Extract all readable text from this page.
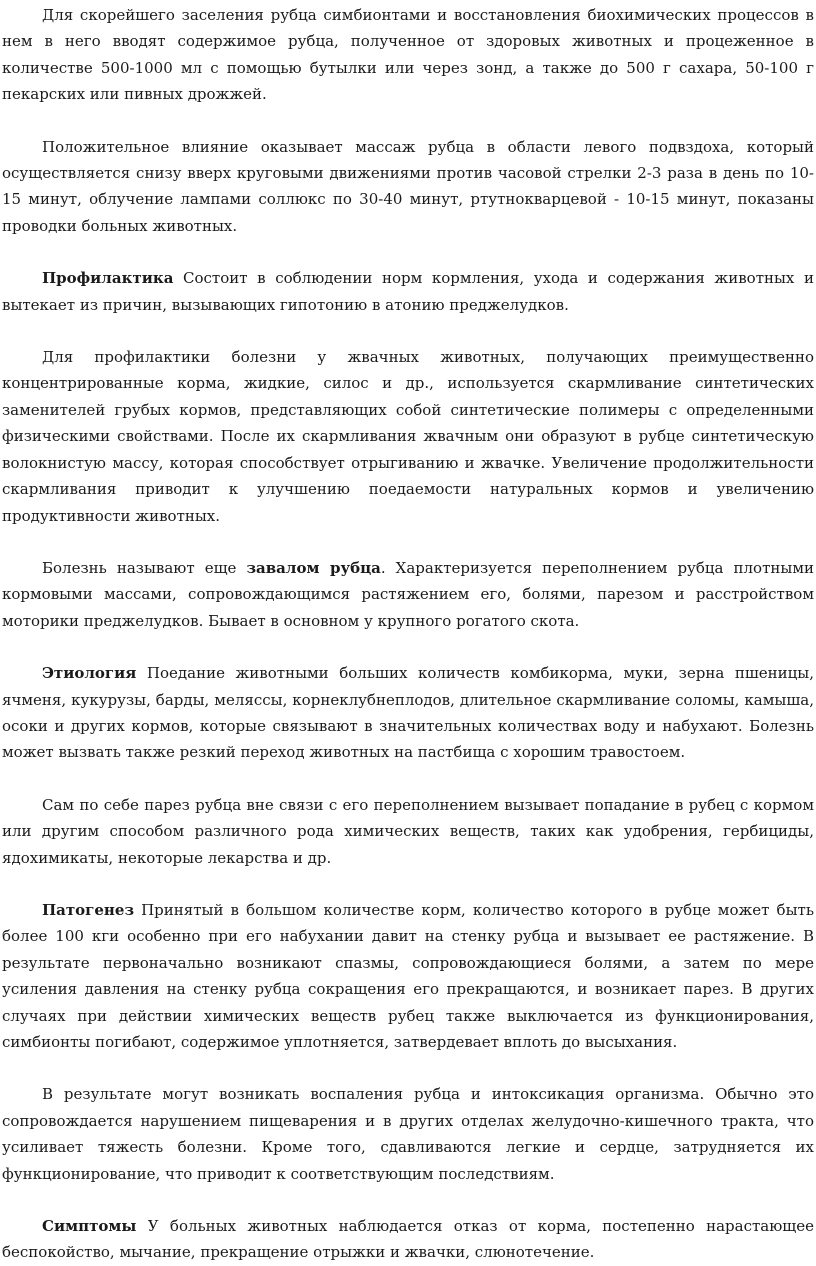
Для скорейшего заселения рубца симбионтами и восстановления биохимических процессов в нем в него вводят содержимое рубца, полученное от здоровых животных и процеженное в количестве 500-1000 мл с помощью бутылки или через зонд, а также до 500 г сахара, 50-100 г пекарских или пивных дрожжей.

Положительное влияние оказывает массаж рубца в области левого подвздоха, который осуществляется снизу вверх круговыми движениями против часовой стрелки 2-3 раза в день по 10-15 минут, облучение лампами соллюкс по 30-40 минут, ртутнокварцевой - 10-15 минут, показаны проводки больных животных.

Профилактика Состоит в соблюдении норм кормления, ухода и содержания животных и вытекает из причин, вызывающих гипотонию в атонию преджелудков.

Для профилактики болезни у жвачных животных, получающих преимущественно концентрированные корма, жидкие, силос и др., используется скармливание синтетических заменителей грубых кормов, представляющих собой синтетические полимеры с определенными физическими свойствами. После их скармливания жвачным они образуют в рубце синтетическую волокнистую массу, которая способствует отрыгиванию и жвачке. Увеличение продолжительности скармливания приводит к улучшению поедаемости натуральных кормов и увеличению продуктивности животных.

Болезнь называют еще завалом рубца. Характеризуется переполнением рубца плотными кормовыми массами, сопровождающимся растяжением его, болями, парезом и расстройством моторики преджелудков. Бывает в основном у крупного рогатого скота.

Этиология Поедание животными больших количеств комбикорма, муки, зерна пшеницы, ячменя, кукурузы, барды, мелясcы, корнеклубнеплодов, длительное скармливание соломы, камыша, осоки и других кормов, которые связывают в значительных количествах воду и набухают. Болезнь может вызвать также резкий переход животных на пастбища с хорошим травостоем.

Сам по себе парез рубца вне связи с его переполнением вызывает попадание в рубец с кормом или другим способом различного рода химических веществ, таких как удобрения, гербициды, ядохимикаты, некоторые лекарства и др.

Патогенез Принятый в большом количестве корм, количество которого в рубце может быть более 100 кги особенно при его набухании давит на стенку рубца и вызывает ее растяжение. В результате первоначально возникают спазмы, сопровождающиеся болями, а затем по мере усиления давления на стенку рубца сокращения его прекращаются, и возникает парез. В других случаях при действии химических веществ рубец также выключается из функционирования, симбионты погибают, содержимое уплотняется, затвердевает вплоть до высыхания.

В результате могут возникать воспаления рубца и интоксикация организма. Обычно это сопровождается нарушением пищеварения и в других отделах желудочно-кишечного тракта, что усиливает тяжесть болезни. Кроме того, сдавливаются легкие и сердце, затрудняется их функционирование, что приводит к соответствующим последствиям.

Симптомы У больных животных наблюдается отказ от корма, постепенно нарастающее беспокойство, мычание, прекращение отрыжки и жвачки, слюнотечение.
